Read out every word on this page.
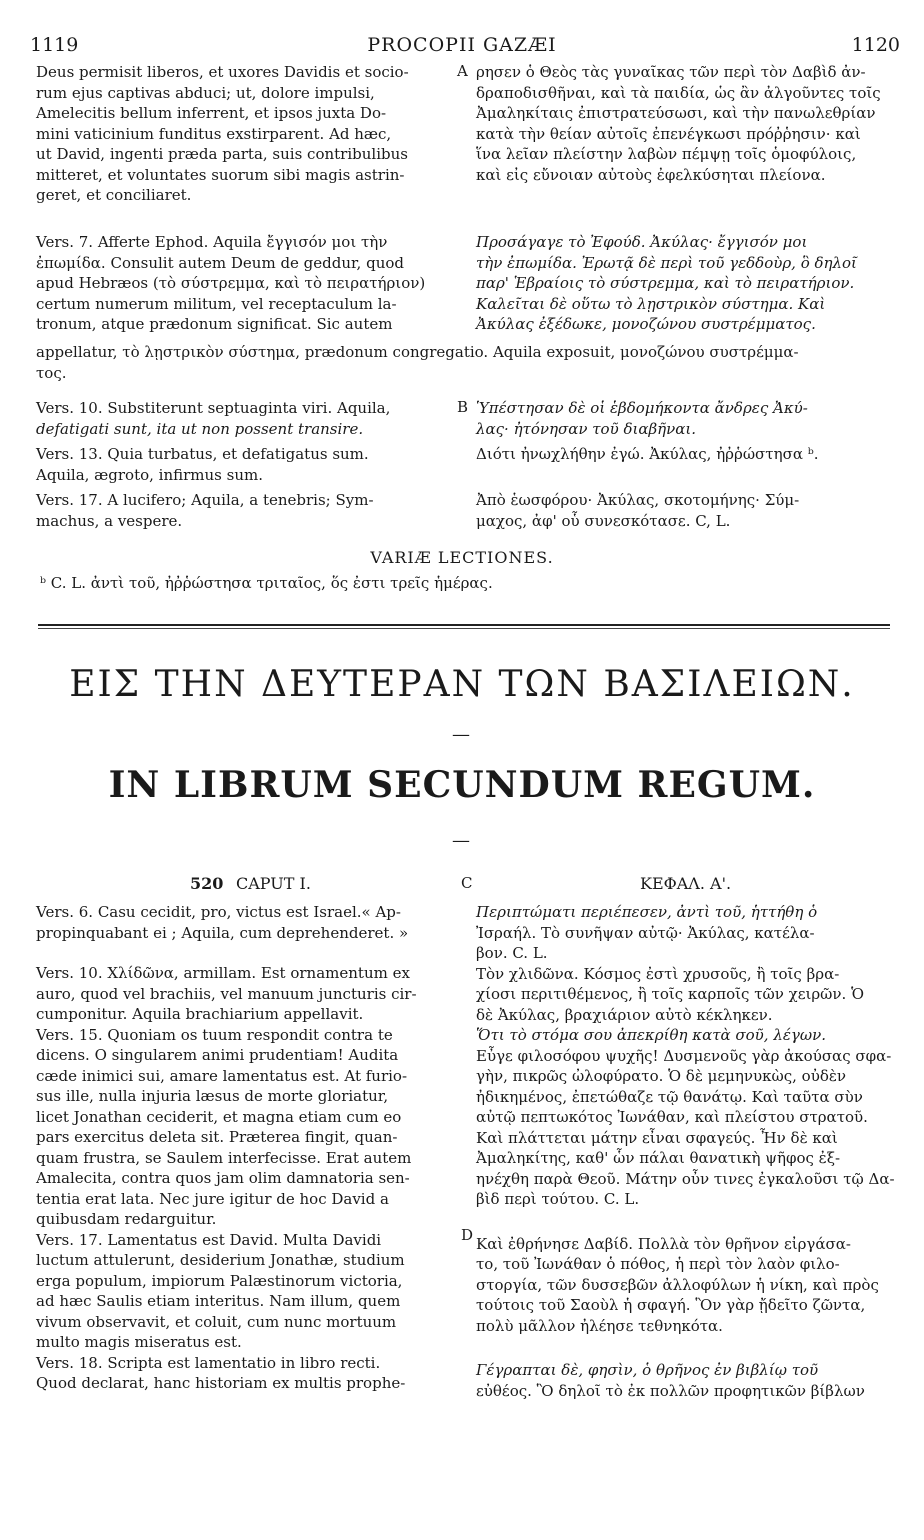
1119	PROCOPII GAZÆI	1120
A
B
C
D

Deus permisit liberos, et uxores Davidis et socio-

rum ejus captivas abduci; ut, dolore impulsi,

Amelecitis bellum inferrent, et ipsos juxta Do-

mini vaticinium funditus exstirparent. Ad hæc,

ut David, ingenti præda parta, suis contribulibus

mitteret, et voluntates suorum sibi magis astrin-

geret, et conciliaret.

ρησεν ὁ Θεὸς τὰς γυναῖκας τῶν περὶ τὸν Δαβὶδ ἀν-

δραποδισθῆναι, καὶ τὰ παιδία, ὡς ἂν ἀλγοῦντες τοῖς

Ἀμαληκίταις ἐπιστρατεύσωσι, καὶ τὴν πανωλεθρίαν

κατὰ τὴν θείαν αὐτοῖς ἐπενέγκωσι πρόῤῥησιν· καὶ

ἵνα λεῖαν πλείστην λαβὼν πέμψῃ τοῖς ὁμοφύλοις,

καὶ εἰς εὔνοιαν αὐτοὺς ἐφελκύσηται πλείονα.

Vers. 7. Afferte Ephod. Aquila ἔγγισόν μοι τὴν

ἐπωμίδα. Consulit autem Deum de geddur, quod

apud Hebræos (τὸ σύστρεμμα, καὶ τὸ πειρατήριον)

certum numerum militum, vel receptaculum la-

tronum, atque prædonum significat. Sic autem

Προσάγαγε τὸ Ἐφούδ. Ἀκύλας· ἔγγισόν μοι

τὴν ἐπωμίδα. Ἐρωτᾷ δὲ περὶ τοῦ γεδδοὺρ, ὃ δηλοῖ

παρ' Ἑβραίοις τὸ σύστρεμμα, καὶ τὸ πειρατήριον.

Καλεῖται δὲ οὕτω τὸ λῃστρικὸν σύστημα. Καὶ

Ἀκύλας ἐξέδωκε, μονοζώνου συστρέμματος.

appellatur, τὸ λῃστρικὸν σύστημα, prædonum congregatio. Aquila exposuit, μονοζώνου συστρέμμα-

τος.

Vers. 10. Substiterunt septuaginta viri. Aquila,

defatigati sunt, ita ut non possent transire.

Ὑπέστησαν δὲ οἱ ἑβδομήκοντα ἄνδρες Ἀκύ-

λας· ἠτόνησαν τοῦ διαβῆναι.

Vers. 13. Quia turbatus, et defatigatus sum.

Aquila, ægroto, infirmus sum.

Διότι ἠνωχλήθην ἐγώ. Ἀκύλας, ἠῤῥώστησα ᵇ.

Vers. 17. A lucifero; Aquila, a tenebris; Sym-

machus, a vespere.

Ἀπὸ ἑωσφόρου· Ἀκύλας, σκοτομήνης· Σύμ-

μαχος, ἀφ' οὗ συνεσκότασε. C, L.

VARIÆ LECTIONES.
ᵇ C. L. ἀντὶ τοῦ, ἠῤῥώστησα τριταῖος, ὅς ἐστι τρεῖς ἡμέρας.
ΕΙΣ ΤΗΝ ΔΕΥΤΕΡΑΝ ΤΩΝ ΒΑΣΙΛΕΙΩΝ.
—
IN LIBRUM SECUNDUM REGUM.
—
520 CAPUT I.	ΚΕΦΑΛ. Α'.

Vers. 6. Casu cecidit, pro, victus est Israel.« Ap-

propinquabant ei ; Aquila, cum deprehenderet. »

Vers. 10. Χλίδῶνα, armillam. Est ornamentum ex

auro, quod vel brachiis, vel manuum juncturis cir-

cumponitur. Aquila brachiarium appellavit.

Vers. 15. Quoniam os tuum respondit contra te

dicens. O singularem animi prudentiam! Audita

cæde inimici sui, amare lamentatus est. At furio-

sus ille, nulla injuria læsus de morte gloriatur,

licet Jonathan ceciderit, et magna etiam cum eo

pars exercitus deleta sit. Præterea fingit, quan-

quam frustra, se Saulem interfecisse. Erat autem

Amalecita, contra quos jam olim damnatoria sen-

tentia erat lata. Nec jure igitur de hoc David a

quibusdam redarguitur.

Vers. 17. Lamentatus est David. Multa Davidi

luctum attulerunt, desiderium Jonathæ, studium

erga populum, impiorum Palæstinorum victoria,

ad hæc Saulis etiam interitus. Nam illum, quem

vivum observavit, et coluit, cum nunc mortuum

multo magis miseratus est.

Vers. 18. Scripta est lamentatio in libro recti.

Quod declarat, hanc historiam ex multis prophe-

Περιπτώματι περιέπεσεν, ἀντὶ τοῦ, ἡττήθη ὁ

Ἰσραήλ. Τὸ συνῆψαν αὐτῷ· Ἀκύλας, κατέλα-

βον. C. L.

Τὸν χλιδῶνα. Κόσμος ἐστὶ χρυσοῦς, ἢ τοῖς βρα-

χίοσι περιτιθέμενος, ἢ τοῖς καρποῖς τῶν χειρῶν. Ὁ

δὲ Ἀκύλας, βραχιάριον αὐτὸ κέκληκεν.

Ὅτι τὸ στόμα σου ἀπεκρίθη κατὰ σοῦ, λέγων.

Εὖγε φιλοσόφου ψυχῆς! Δυσμενοῦς γὰρ ἀκούσας σφα-

γὴν, πικρῶς ὠλοφύρατο. Ὁ δὲ μεμηνυκὼς, οὐδὲν

ἠδικημένος, ἐπετώθαζε τῷ θανάτῳ. Καὶ ταῦτα σὺν

αὐτῷ πεπτωκότος Ἰωνάθαν, καὶ πλείστου στρατοῦ.

Καὶ πλάττεται μάτην εἶναι σφαγεύς. Ἦν δὲ καὶ

Ἀμαληκίτης, καθ' ὧν πάλαι θανατικὴ ψῆφος ἐξ-

ηνέχθη παρὰ Θεοῦ. Μάτην οὖν τινες ἐγκαλοῦσι τῷ Δα-

βὶδ περὶ τούτου. C. L.

Καὶ ἐθρήνησε Δαβίδ. Πολλὰ τὸν θρῆνον εἰργάσα-

το, τοῦ Ἰωνάθαν ὁ πόθος, ἡ περὶ τὸν λαὸν φιλο-

στοργία, τῶν δυσσεβῶν ἀλλοφύλων ἡ νίκη, καὶ πρὸς

τούτοις τοῦ Σαοὺλ ἡ σφαγή. Ὃν γὰρ ᾔδεῖτο ζῶντα,

πολὺ μᾶλλον ἠλέησε τεθνηκότα.

Γέγραπται δὲ, φησὶν, ὁ θρῆνος ἐν βιβλίῳ τοῦ

εὐθέος. Ὃ δηλοῖ τὸ ἐκ πολλῶν προφητικῶν βίβλων
